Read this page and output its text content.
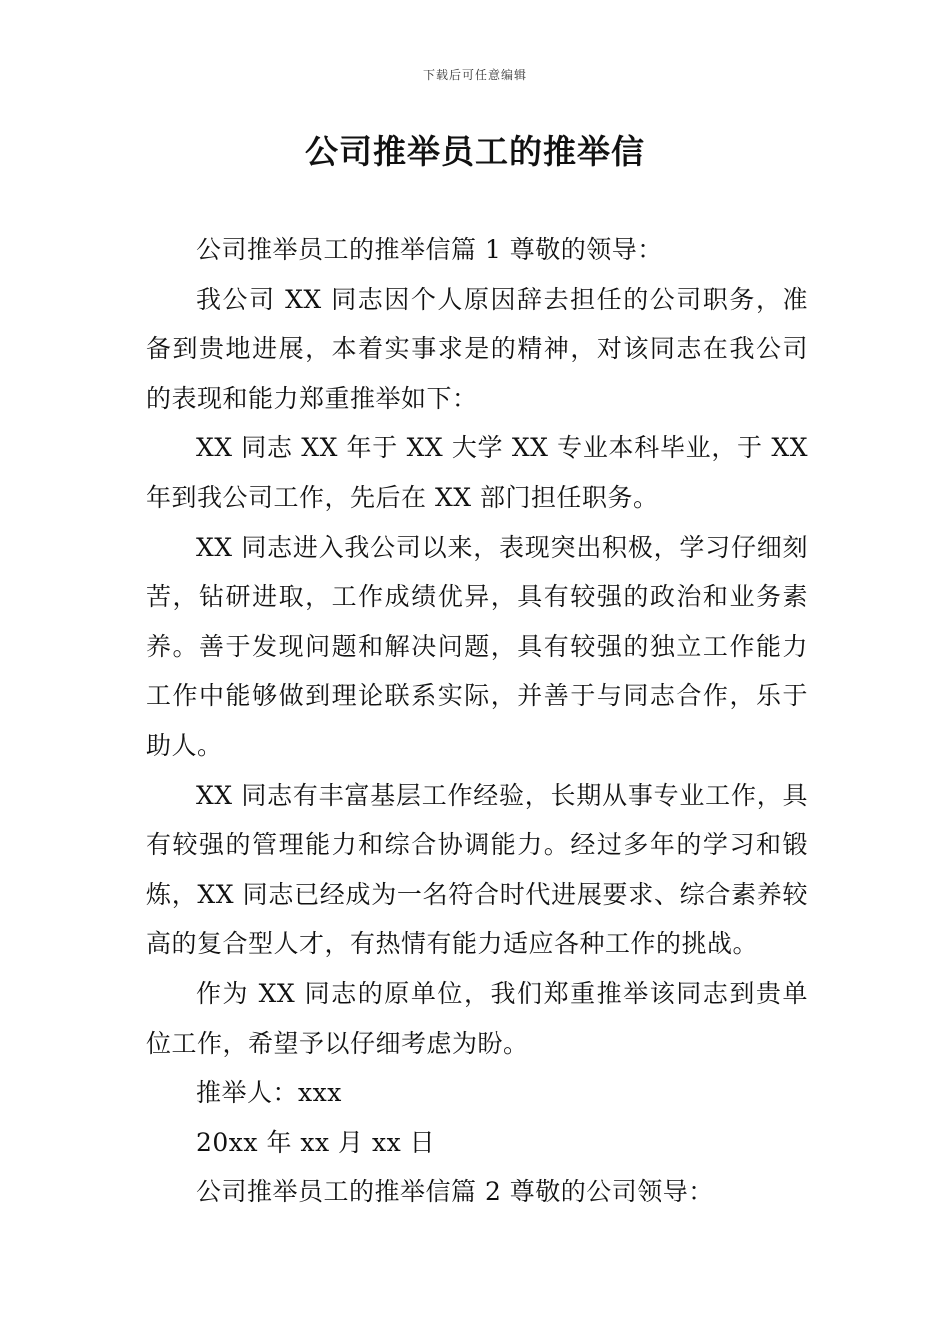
下载后可任意编辑
公司推举员工的推举信

公司推举员工的推举信篇 1 尊敬的领导：

我公司 XX 同志因个人原因辞去担任的公司职务，准备到贵地进展，本着实事求是的精神，对该同志在我公司的表现和能力郑重推举如下：

XX 同志 XX 年于 XX 大学 XX 专业本科毕业，于 XX 年到我公司工作，先后在 XX 部门担任职务。

XX 同志进入我公司以来，表现突出积极，学习仔细刻苦，钻研进取，工作成绩优异，具有较强的政治和业务素养。善于发现问题和解决问题，具有较强的独立工作能力工作中能够做到理论联系实际，并善于与同志合作，乐于助人。

XX 同志有丰富基层工作经验，长期从事专业工作，具有较强的管理能力和综合协调能力。经过多年的学习和锻炼，XX 同志已经成为一名符合时代进展要求、综合素养较高的复合型人才，有热情有能力适应各种工作的挑战。

作为 XX 同志的原单位，我们郑重推举该同志到贵单位工作，希望予以仔细考虑为盼。

推举人：xxx

20xx 年 xx 月 xx 日

公司推举员工的推举信篇 2 尊敬的公司领导：
